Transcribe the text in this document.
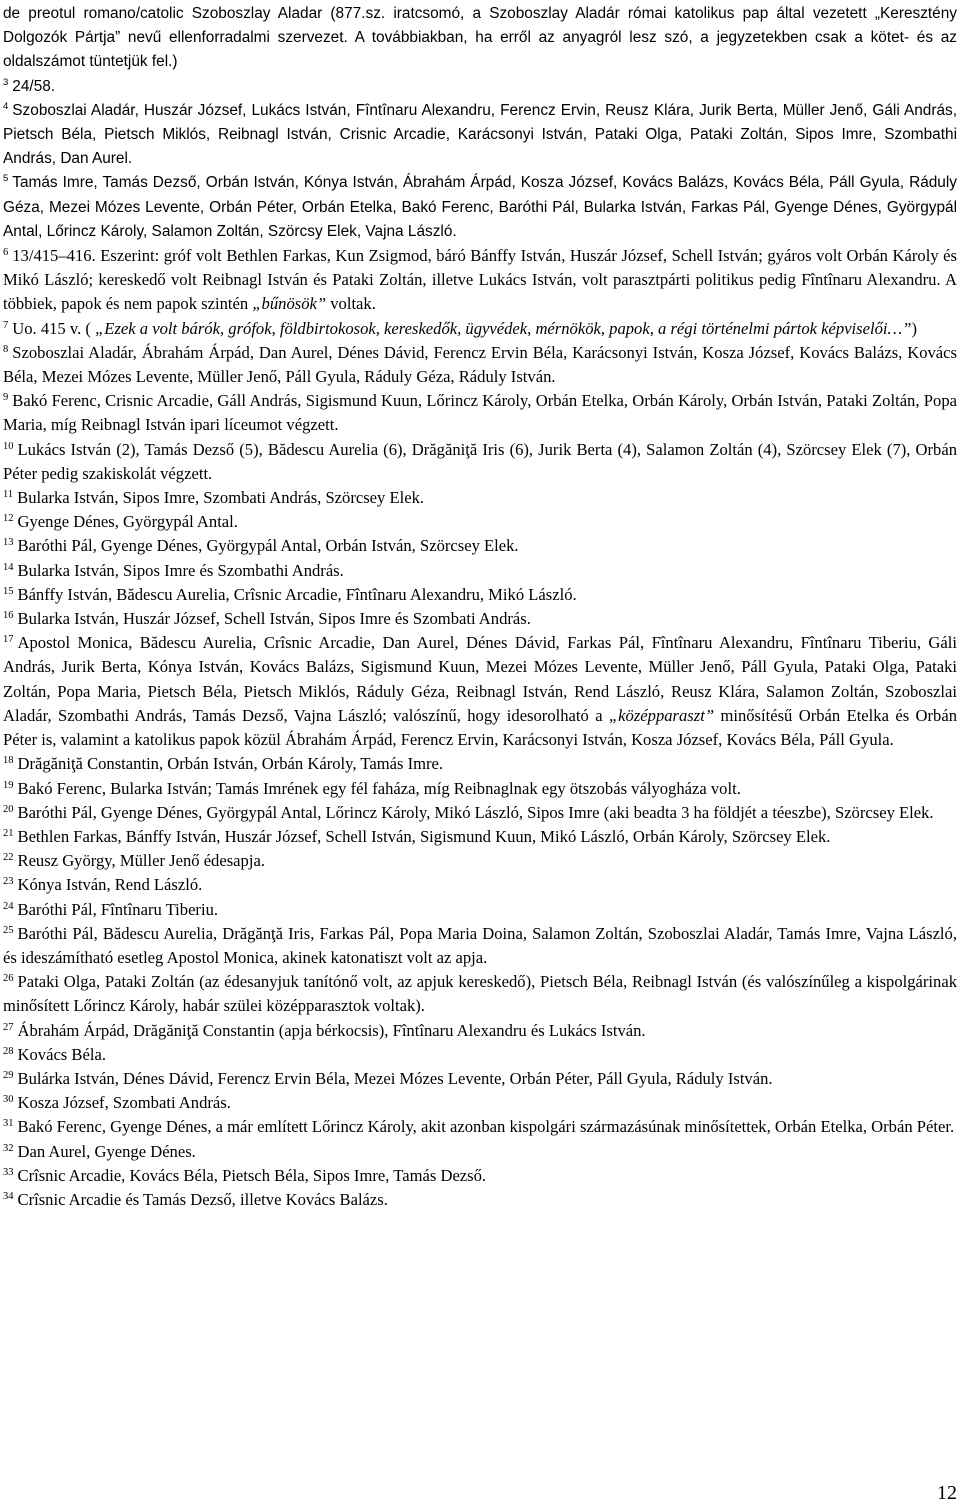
de preotul romano/catolic Szoboszlay Aladar (877.sz. iratcsomó, a Szoboszlay Aladár római katolikus pap által vezetett „Keresztény Dolgozók Pártja” nevű ellenforradalmi szervezet. A továbbiakban, ha erről az anyagról lesz szó, a jegyzetekben csak a kötet- és az oldalszámot tüntetjük fel.)
$^3$ 24/58.
$^4$ Szoboszlai Aladár, Huszár József, Lukács István, Fîntînaru Alexandru, Ferencz Ervin, Reusz Klára, Jurik Berta, Müller Jenő, Gáli András, Pietsch Béla, Pietsch Miklós, Reibnagl István, Crisnic Arcadie, Karácsonyi István, Pataki Olga, Pataki Zoltán, Sipos Imre, Szombathi András, Dan Aurel.
$^5$ Tamás Imre, Tamás Dezső, Orbán István, Kónya István, Ábrahám Árpád, Kosza József, Kovács Balázs, Kovács Béla, Páll Gyula, Ráduly Géza, Mezei Mózes Levente, Orbán Péter, Orbán Etelka, Bakó Ferenc, Baróthi Pál, Bularka István, Farkas Pál, Gyenge Dénes, Györgypál Antal, Lőrincz Károly, Salamon Zoltán, Szörcsy Elek, Vajna László.
$^6$ 13/415–416. Eszerint: gróf volt Bethlen Farkas, Kun Zsigmod, báró Bánffy István, Huszár József, Schell István; gyáros volt Orbán Károly és Mikó László; kereskedő volt Reibnagl István és Pataki Zoltán, illetve Lukács István, volt parasztpárti politikus pedig Fîntînaru Alexandru. A többiek, papok és nem papok szintén „bűnösök” voltak.
$^7$ Uo. 415 v. ( „Ezek a volt bárók, grófok, földbirtokosok, kereskedők, ügyvédek, mérnökök, papok, a régi történelmi pártok képviselői…”)
$^8$ Szoboszlai Aladár, Ábrahám Árpád, Dan Aurel, Dénes Dávid, Ferencz Ervin Béla, Karácsonyi István, Kosza József, Kovács Balázs, Kovács Béla, Mezei Mózes Levente, Müller Jenő, Páll Gyula, Ráduly Géza, Ráduly István.
$^9$ Bakó Ferenc, Crisnic Arcadie, Gáll András, Sigismund Kuun, Lőrincz Károly, Orbán Etelka, Orbán Károly, Orbán István, Pataki Zoltán, Popa Maria, míg Reibnagl István ipari líceumot végzett.
$^{10}$ Lukács István (2), Tamás Dezső (5), Bădescu Aurelia (6), Drăgăniţă Iris (6), Jurik Berta (4), Salamon Zoltán (4), Szörcsey Elek (7), Orbán Péter pedig szakiskolát végzett.
$^{11}$ Bularka István, Sipos Imre, Szombati András, Szörcsey Elek.
$^{12}$ Gyenge Dénes, Györgypál Antal.
$^{13}$ Baróthi Pál, Gyenge Dénes, Györgypál Antal, Orbán István, Szörcsey Elek.
$^{14}$ Bularka István, Sipos Imre és Szombathi András.
$^{15}$ Bánffy István, Bădescu Aurelia, Crîsnic Arcadie, Fîntînaru Alexandru, Mikó László.
$^{16}$ Bularka István, Huszár József, Schell István, Sipos Imre és Szombati András.
$^{17}$ Apostol Monica, Bădescu Aurelia, Crîsnic Arcadie, Dan Aurel, Dénes Dávid, Farkas Pál, Fîntînaru Alexandru, Fîntînaru Tiberiu, Gáli András, Jurik Berta, Kónya István, Kovács Balázs, Sigismund Kuun, Mezei Mózes Levente, Müller Jenő, Páll Gyula, Pataki Olga, Pataki Zoltán, Popa Maria, Pietsch Béla, Pietsch Miklós, Ráduly Géza, Reibnagl István, Rend László, Reusz Klára, Salamon Zoltán, Szoboszlai Aladár, Szombathi András, Tamás Dezső, Vajna László; valószínű, hogy idesorolható a „középparaszt” minősítésű Orbán Etelka és Orbán Péter is, valamint a katolikus papok közül Ábrahám Árpád, Ferencz Ervin, Karácsonyi István, Kosza József, Kovács Béla, Páll Gyula.
$^{18}$ Drăgăniţă Constantin, Orbán István, Orbán Károly, Tamás Imre.
$^{19}$ Bakó Ferenc, Bularka István; Tamás Imrének egy fél faháza, míg Reibnaglnak egy ötszobás vályogháza volt.
$^{20}$ Baróthi Pál, Gyenge Dénes, Györgypál Antal, Lőrincz Károly, Mikó László, Sipos Imre (aki beadta 3 ha földjét a téeszbe), Szörcsey Elek.
$^{21}$ Bethlen Farkas, Bánffy István, Huszár József, Schell István, Sigismund Kuun, Mikó László, Orbán Károly, Szörcsey Elek.
$^{22}$ Reusz György, Müller Jenő édesapja.
$^{23}$ Kónya István, Rend László.
$^{24}$ Baróthi Pál, Fîntînaru Tiberiu.
$^{25}$ Baróthi Pál, Bădescu Aurelia, Drăgănţă Iris, Farkas Pál, Popa Maria Doina, Salamon Zoltán, Szoboszlai Aladár, Tamás Imre, Vajna László, és ideszámítható esetleg Apostol Monica, akinek katonatiszt volt az apja.
$^{26}$ Pataki Olga, Pataki Zoltán (az édesanyjuk tanítónő volt, az apjuk kereskedő), Pietsch Béla, Reibnagl István (és valószínűleg a kispolgárinak minősített Lőrincz Károly, habár szülei középparasztok voltak).
$^{27}$ Ábrahám Árpád, Drăgăniţă Constantin (apja bérkocsis), Fîntînaru Alexandru és Lukács István.
$^{28}$ Kovács Béla.
$^{29}$ Bulárka István, Dénes Dávid, Ferencz Ervin Béla, Mezei Mózes Levente, Orbán Péter, Páll Gyula, Ráduly István.
$^{30}$ Kosza József, Szombati András.
$^{31}$ Bakó Ferenc, Gyenge Dénes, a már említett Lőrincz Károly, akit azonban kispolgári származásúnak minősítettek, Orbán Etelka, Orbán Péter.
$^{32}$ Dan Aurel, Gyenge Dénes.
$^{33}$ Crîsnic Arcadie, Kovács Béla, Pietsch Béla, Sipos Imre, Tamás Dezső.
$^{34}$ Crîsnic Arcadie és Tamás Dezső, illetve Kovács Balázs.
12
